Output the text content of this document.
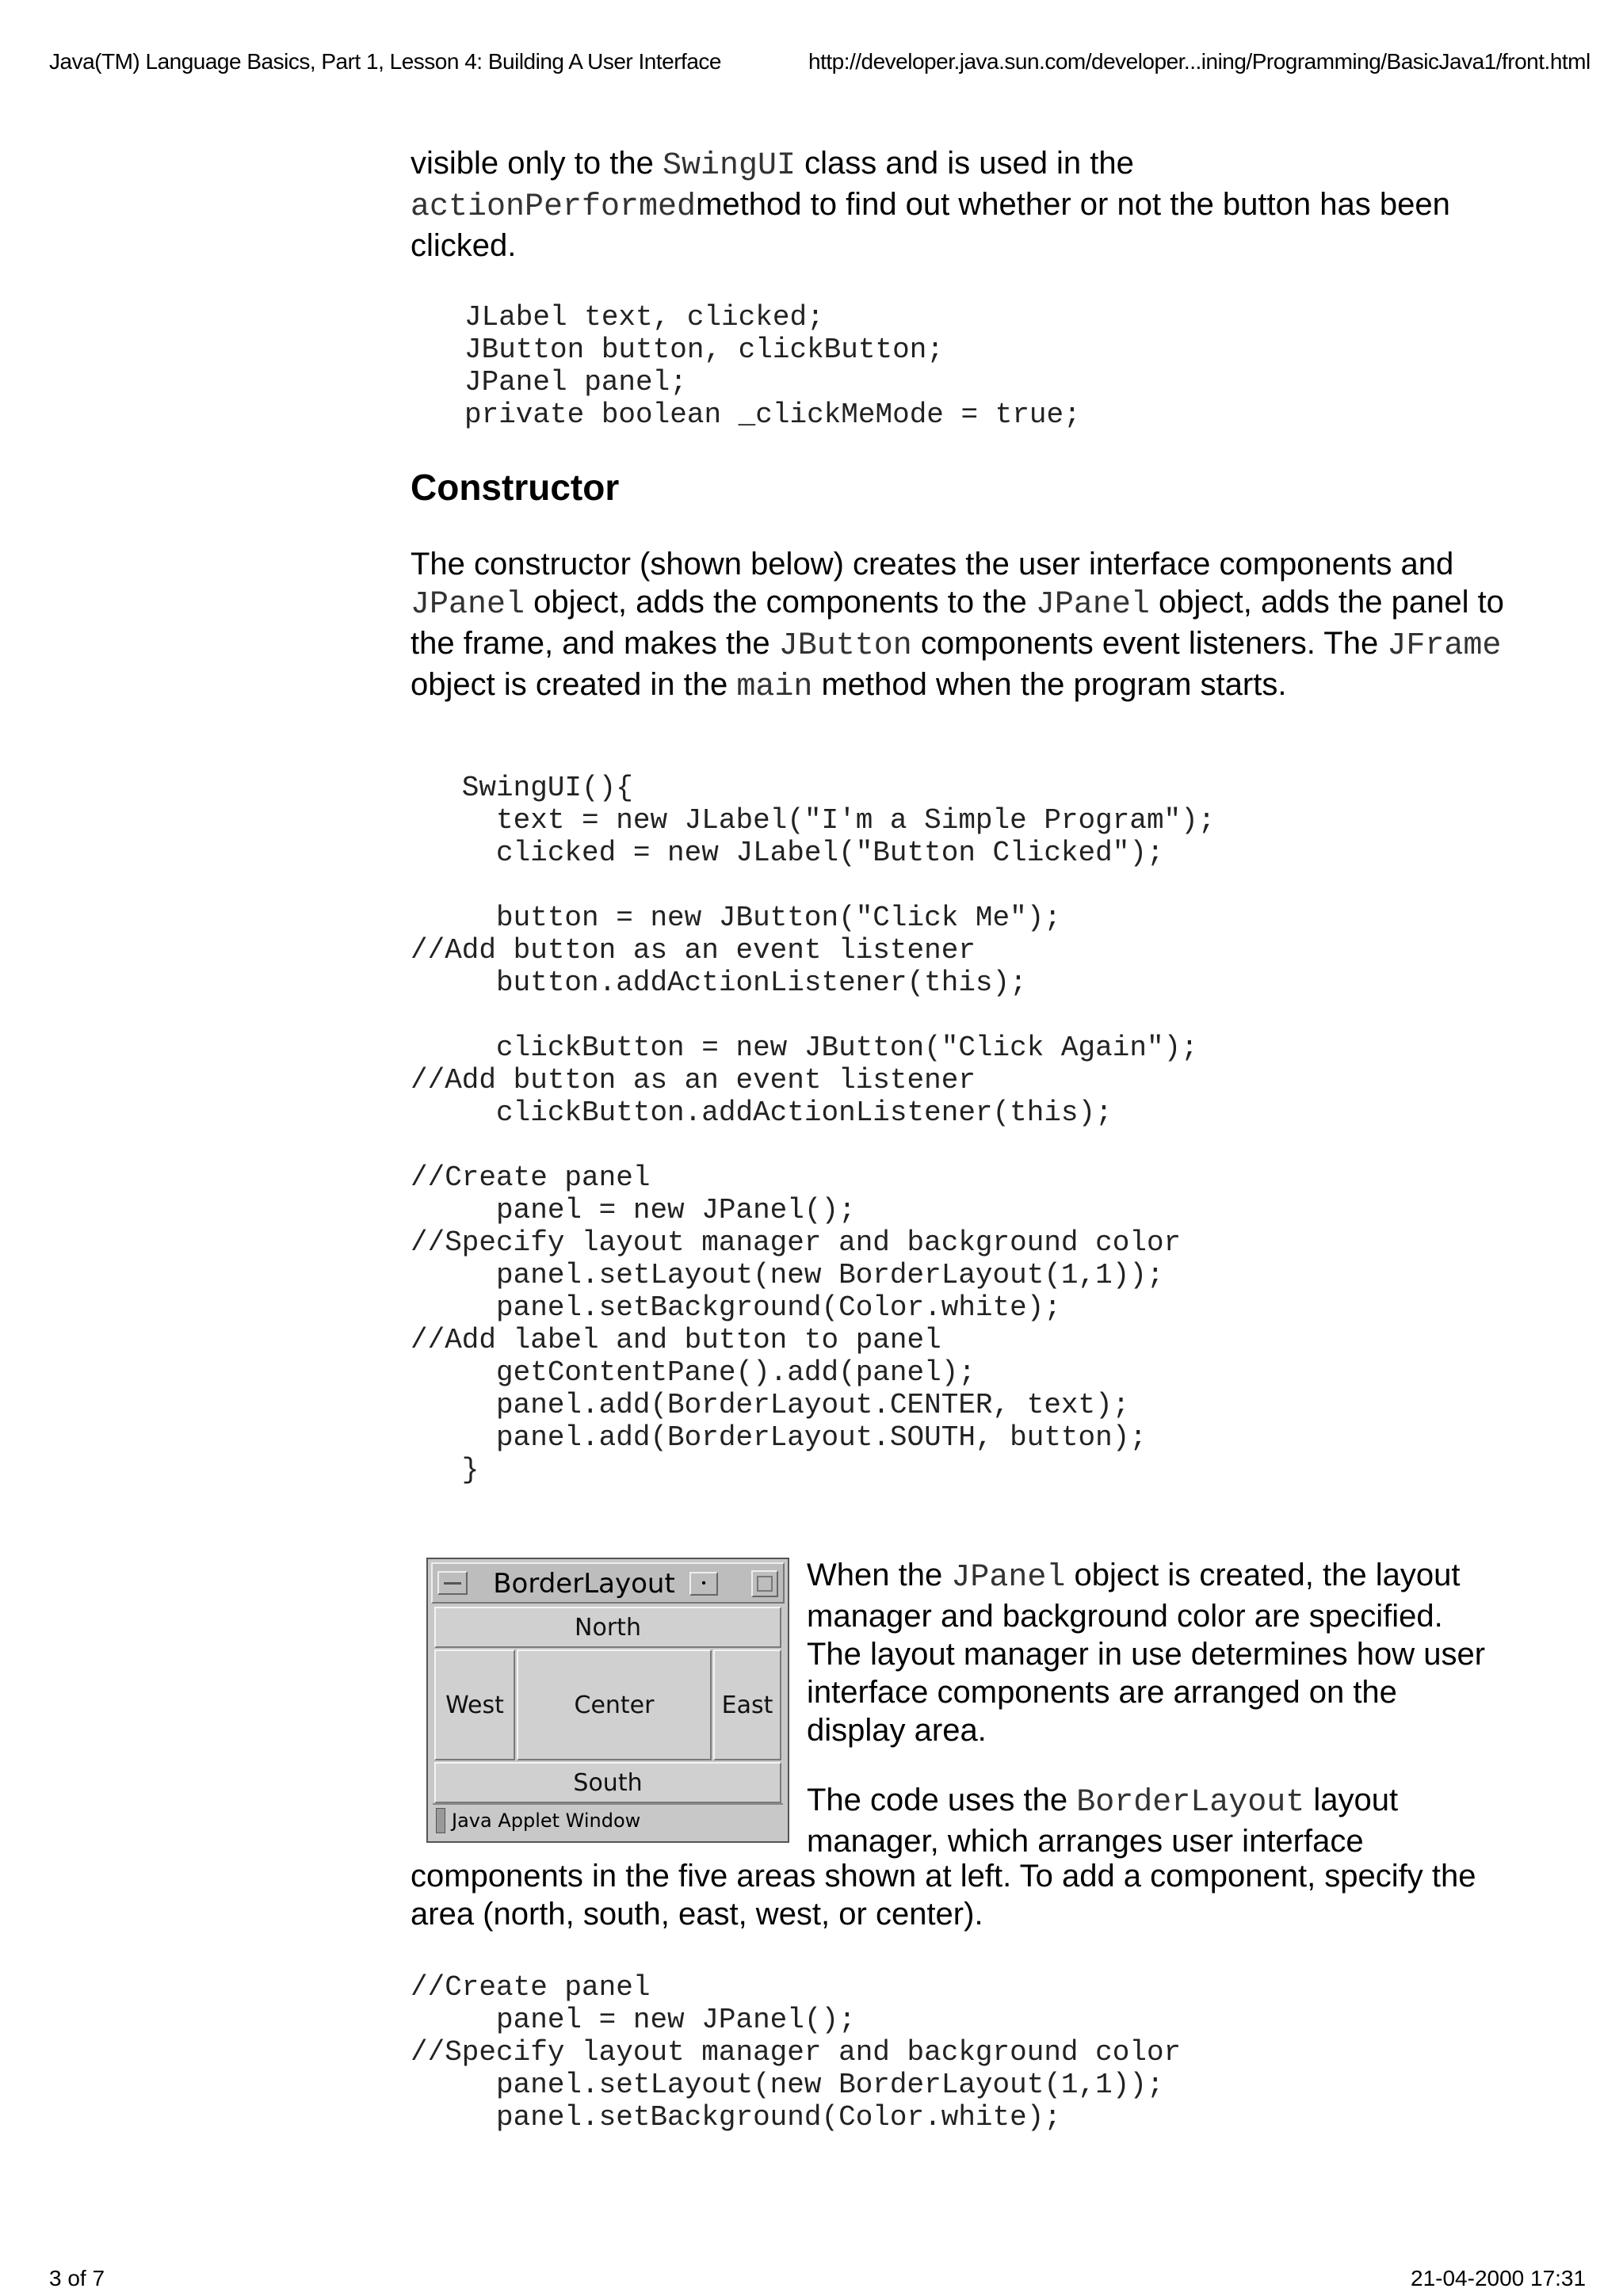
Java(TM) Language Basics, Part 1, Lesson 4: Building A User Interface	http://developer.java.sun.com/developer...ining/Programming/BasicJava1/front.html

visible only to the SwingUI class and is used in the actionPerformedmethod to find out whether or not the button has been clicked.

JLabel text, clicked;
JButton button, clickButton;
JPanel panel;
private boolean _clickMeMode = true;
Constructor

The constructor (shown below) creates the user interface components and JPanel object, adds the components to the JPanel object, adds the panel to the frame, and makes the JButton components event listeners. The JFrame object is created in the main method when the program starts.

SwingUI(){
text = new JLabel("I'm a Simple Program");
clicked = new JLabel("Button Clicked");

button = new JButton("Click Me");
//Add button as an event listener
button.addActionListener(this);

clickButton = new JButton("Click Again");
//Add button as an event listener
clickButton.addActionListener(this);

//Create panel
panel = new JPanel();
//Specify layout manager and background color
panel.setLayout(new BorderLayout(1,1));
panel.setBackground(Color.white);
//Add label and button to panel
getContentPane().add(panel);
panel.add(BorderLayout.CENTER, text);
panel.add(BorderLayout.SOUTH, button);
}
BorderLayout	•
North
West	Center	East
South
Java Applet Window

When the JPanel object is created, the layout manager and background color are specified. The layout manager in use determines how user interface components are arranged on the display area.

The code uses the BorderLayout layout manager, which arranges user interface

components in the five areas shown at left. To add a component, specify the area (north, south, east, west, or center).

//Create panel
panel = new JPanel();
//Specify layout manager and background color
panel.setLayout(new BorderLayout(1,1));
panel.setBackground(Color.white);
3 of 7	21-04-2000 17:31
